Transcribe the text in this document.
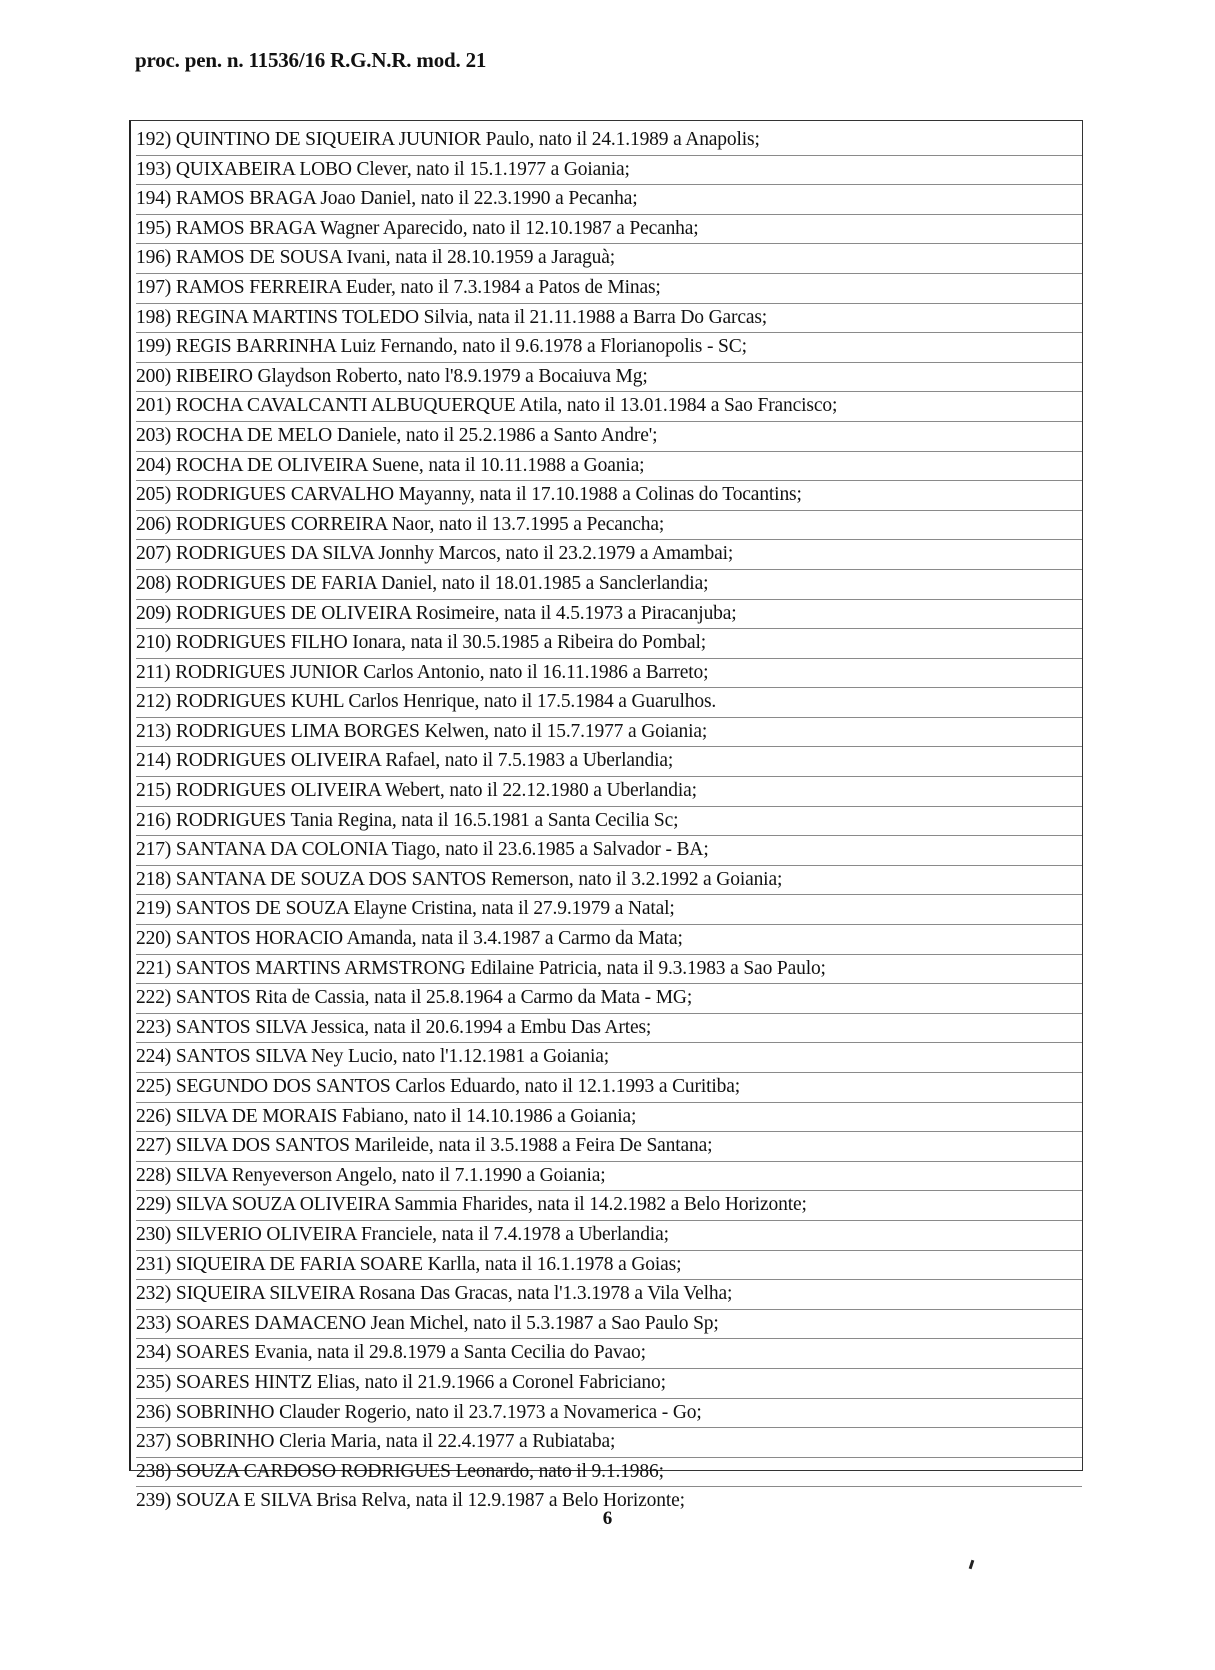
proc. pen. n. 11536/16 R.G.N.R. mod. 21
192) QUINTINO DE SIQUEIRA JUUNIOR Paulo, nato il 24.1.1989 a Anapolis;
193) QUIXABEIRA LOBO Clever, nato il 15.1.1977 a Goiania;
194) RAMOS BRAGA Joao Daniel, nato il 22.3.1990 a Pecanha;
195) RAMOS BRAGA Wagner Aparecido, nato il 12.10.1987 a Pecanha;
196) RAMOS DE SOUSA Ivani, nata il 28.10.1959 a Jaraguà;
197) RAMOS FERREIRA Euder, nato il 7.3.1984 a Patos de Minas;
198) REGINA MARTINS TOLEDO Silvia, nata il 21.11.1988 a Barra Do Garcas;
199) REGIS BARRINHA Luiz Fernando, nato il 9.6.1978 a Florianopolis - SC;
200) RIBEIRO Glaydson Roberto, nato l'8.9.1979 a Bocaiuva Mg;
201) ROCHA CAVALCANTI ALBUQUERQUE Atila, nato il 13.01.1984 a Sao Francisco;
203) ROCHA DE MELO Daniele, nato il 25.2.1986 a Santo Andre';
204) ROCHA DE OLIVEIRA Suene, nata il 10.11.1988 a Goania;
205) RODRIGUES CARVALHO Mayanny, nata il 17.10.1988 a Colinas do Tocantins;
206) RODRIGUES CORREIRA Naor, nato il 13.7.1995 a Pecancha;
207) RODRIGUES DA SILVA Jonnhy Marcos, nato il 23.2.1979 a Amambai;
208) RODRIGUES DE FARIA Daniel, nato il 18.01.1985 a Sanclerlandia;
209) RODRIGUES DE OLIVEIRA Rosimeire, nata il 4.5.1973 a Piracanjuba;
210) RODRIGUES FILHO Ionara, nata il 30.5.1985 a Ribeira do Pombal;
211) RODRIGUES JUNIOR Carlos Antonio, nato il 16.11.1986 a Barreto;
212) RODRIGUES KUHL Carlos Henrique, nato il 17.5.1984 a Guarulhos.
213) RODRIGUES LIMA BORGES Kelwen, nato il 15.7.1977 a Goiania;
214) RODRIGUES OLIVEIRA Rafael, nato il 7.5.1983 a Uberlandia;
215) RODRIGUES OLIVEIRA Webert, nato il 22.12.1980 a Uberlandia;
216) RODRIGUES Tania Regina, nata il 16.5.1981 a Santa Cecilia Sc;
217) SANTANA DA COLONIA Tiago, nato il 23.6.1985 a Salvador - BA;
218) SANTANA DE SOUZA DOS SANTOS Remerson, nato il 3.2.1992 a Goiania;
219) SANTOS DE SOUZA Elayne Cristina, nata il 27.9.1979 a Natal;
220) SANTOS HORACIO Amanda, nata il 3.4.1987 a Carmo da Mata;
221) SANTOS MARTINS ARMSTRONG Edilaine Patricia, nata il 9.3.1983 a Sao Paulo;
222) SANTOS Rita de Cassia, nata il 25.8.1964 a Carmo da Mata - MG;
223) SANTOS SILVA Jessica, nata il 20.6.1994 a Embu Das Artes;
224) SANTOS SILVA Ney Lucio, nato l'1.12.1981 a Goiania;
225) SEGUNDO DOS SANTOS Carlos Eduardo, nato il 12.1.1993 a Curitiba;
226) SILVA DE MORAIS Fabiano, nato il 14.10.1986 a Goiania;
227) SILVA DOS SANTOS Marileide, nata il 3.5.1988 a Feira De Santana;
228) SILVA Renyeverson Angelo, nato il 7.1.1990 a Goiania;
229) SILVA SOUZA OLIVEIRA Sammia Fharides, nata il 14.2.1982 a Belo Horizonte;
230) SILVERIO OLIVEIRA Franciele, nata il 7.4.1978 a Uberlandia;
231) SIQUEIRA DE FARIA SOARE Karlla, nata il 16.1.1978 a Goias;
232) SIQUEIRA SILVEIRA Rosana Das Gracas, nata l'1.3.1978 a Vila Velha;
233) SOARES DAMACENO Jean Michel, nato il 5.3.1987 a Sao Paulo Sp;
234) SOARES Evania, nata il 29.8.1979 a Santa Cecilia do Pavao;
235) SOARES HINTZ Elias, nato il 21.9.1966 a Coronel Fabriciano;
236) SOBRINHO Clauder Rogerio, nato il 23.7.1973 a Novamerica - Go;
237) SOBRINHO Cleria Maria, nata il 22.4.1977 a Rubiataba;
238) SOUZA CARDOSO RODRIGUES Leonardo, nato il 9.1.1986;
239) SOUZA E SILVA Brisa Relva, nata il 12.9.1987 a Belo Horizonte;
6
